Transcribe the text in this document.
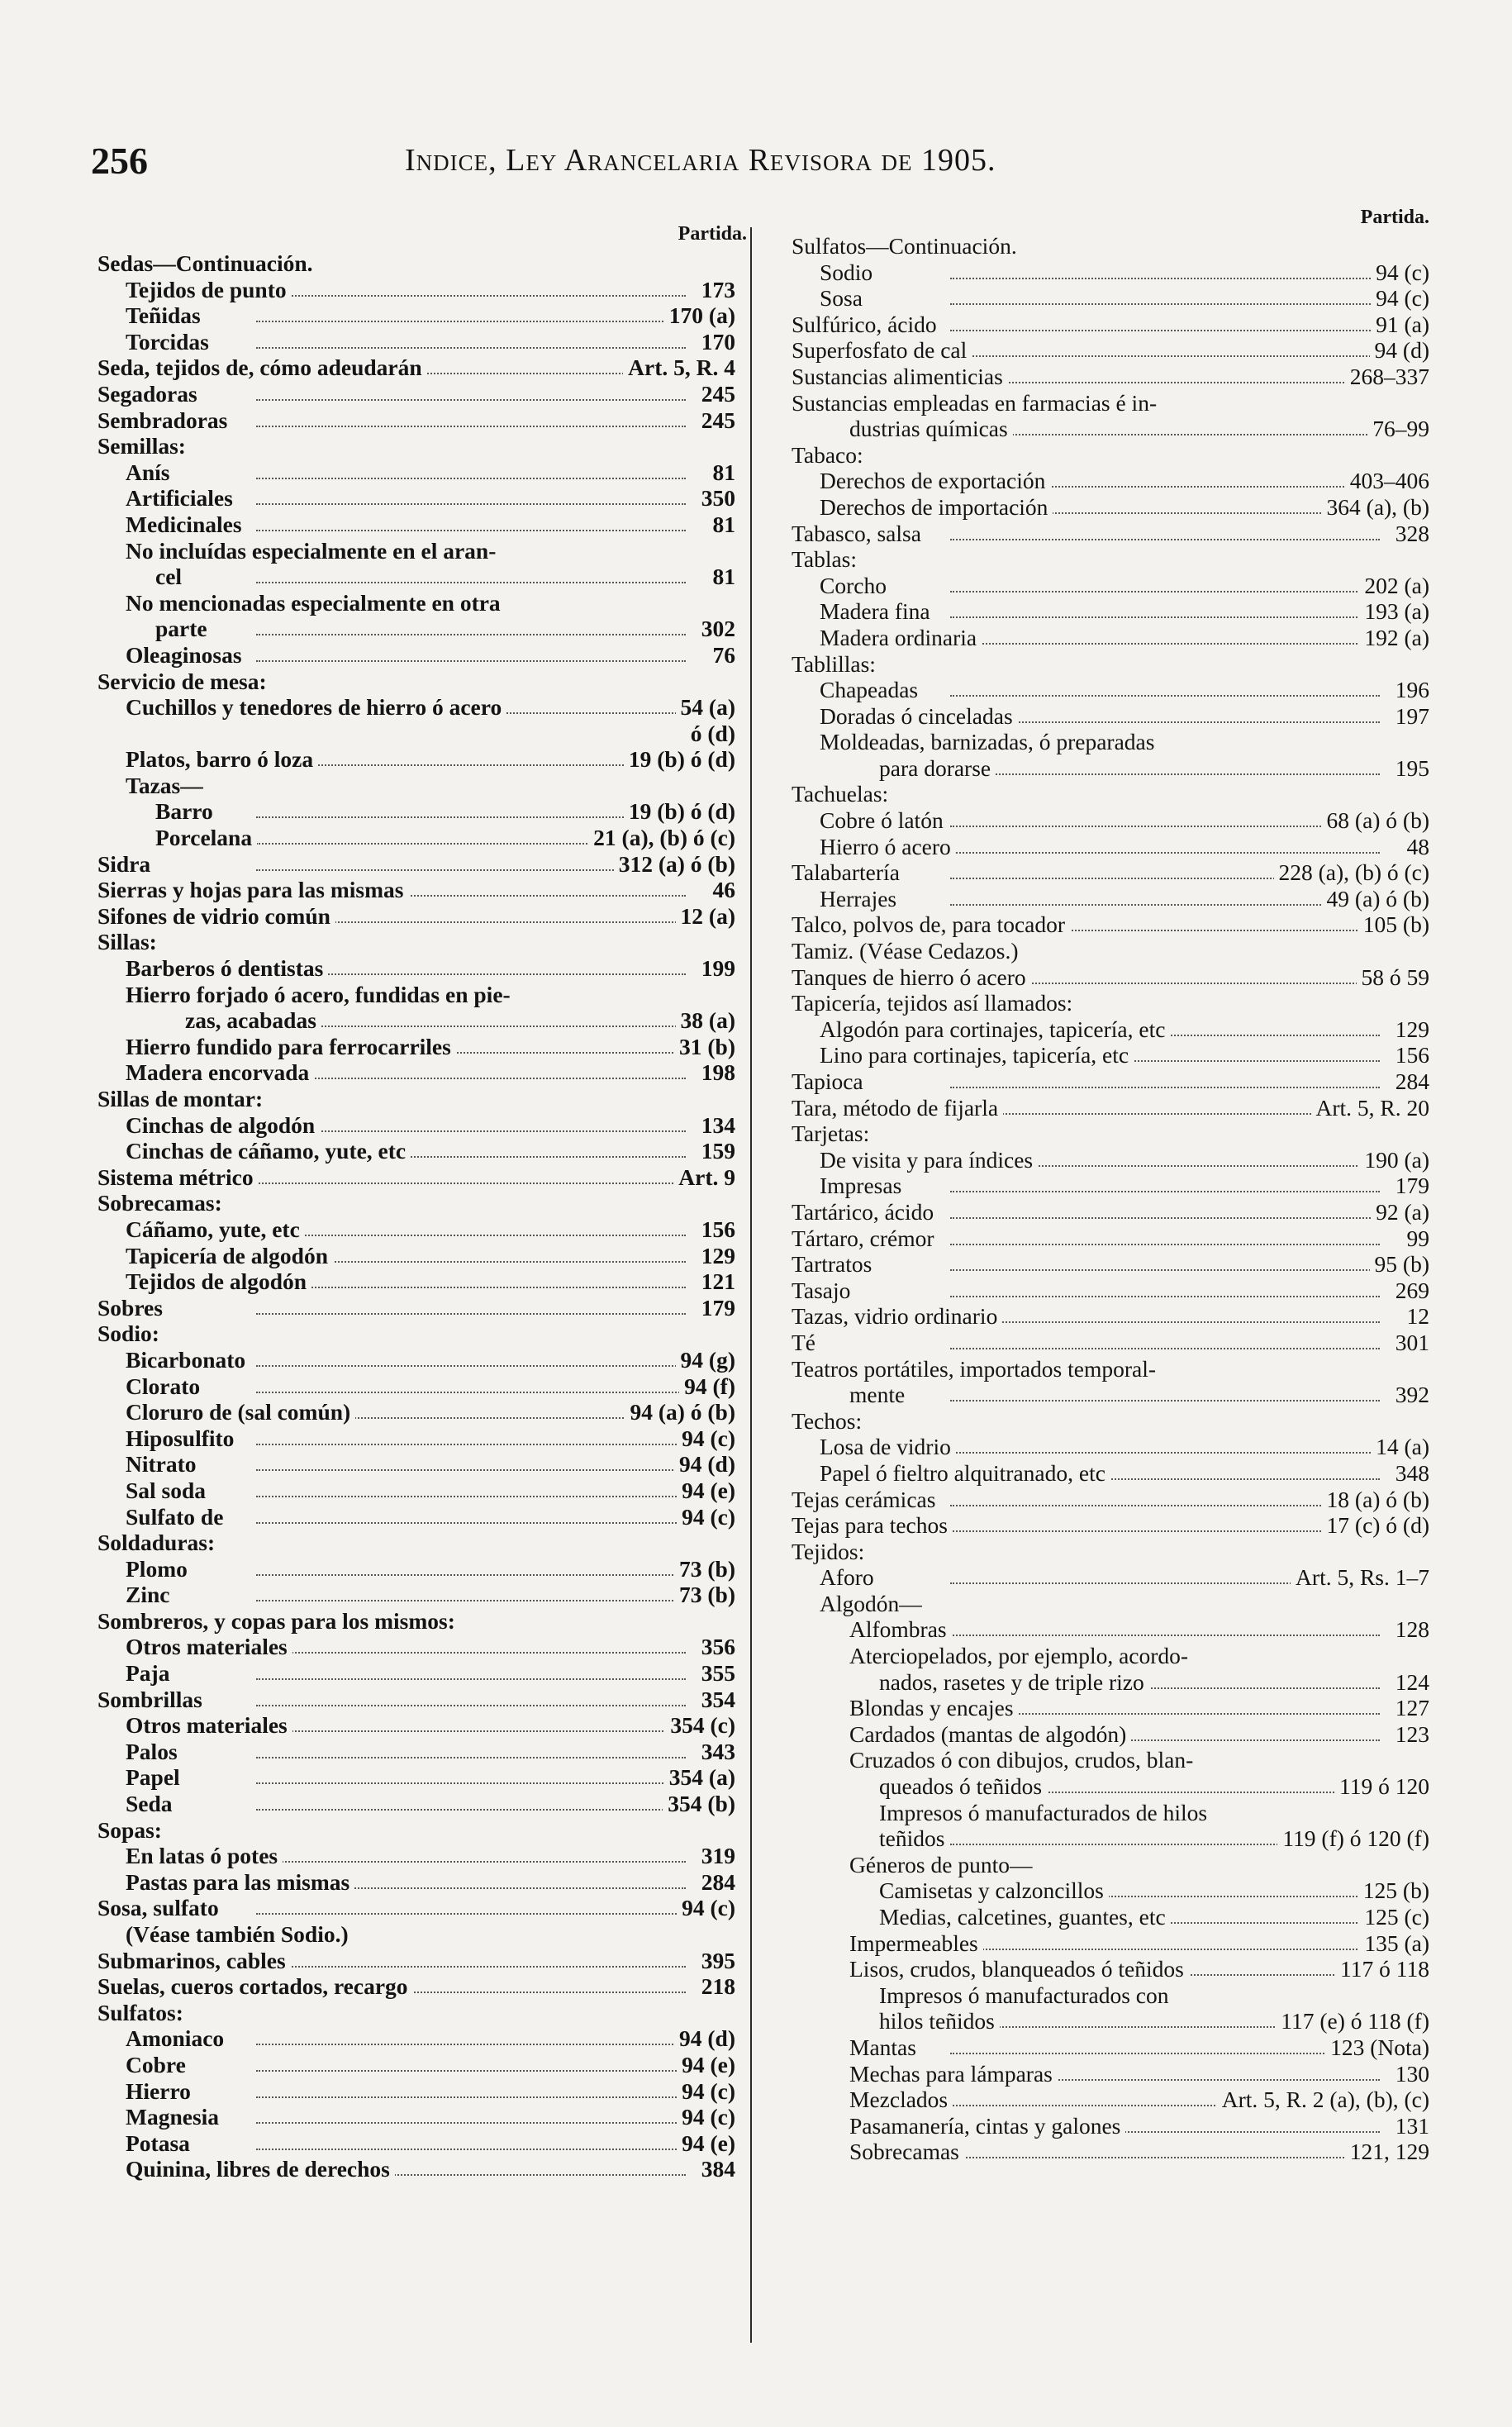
256	Indice, Ley Arancelaria Revisora de 1905.
Partida.
Sedas—Continuación.
Tejidos de punto	173
Teñidas	170 (a)
Torcidas	170
Seda, tejidos de, cómo adeudarán	Art. 5, R. 4
Segadoras	245
Sembradoras	245
Semillas:
Anís	81
Artificiales	350
Medicinales	81
No incluídas especialmente en el aran-
cel	81
No mencionadas especialmente en otra
parte	302
Oleaginosas	76
Servicio de mesa:
Cuchillos y tenedores de hierro ó acero	54 (a)
ó (d)
Platos, barro ó loza	19 (b) ó (d)
Tazas—
Barro	19 (b) ó (d)
Porcelana	21 (a), (b) ó (c)
Sidra	312 (a) ó (b)
Sierras y hojas para las mismas	46
Sifones de vidrio común	12 (a)
Sillas:
Barberos ó dentistas	199
Hierro forjado ó acero, fundidas en pie-
zas, acabadas	38 (a)
Hierro fundido para ferrocarriles	31 (b)
Madera encorvada	198
Sillas de montar:
Cinchas de algodón	134
Cinchas de cáñamo, yute, etc	159
Sistema métrico	Art. 9
Sobrecamas:
Cáñamo, yute, etc	156
Tapicería de algodón	129
Tejidos de algodón	121
Sobres	179
Sodio:
Bicarbonato	94 (g)
Clorato	94 (f)
Cloruro de (sal común)	94 (a) ó (b)
Hiposulfito	94 (c)
Nitrato	94 (d)
Sal soda	94 (e)
Sulfato de	94 (c)
Soldaduras:
Plomo	73 (b)
Zinc	73 (b)
Sombreros, y copas para los mismos:
Otros materiales	356
Paja	355
Sombrillas	354
Otros materiales	354 (c)
Palos	343
Papel	354 (a)
Seda	354 (b)
Sopas:
En latas ó potes	319
Pastas para las mismas	284
Sosa, sulfato	94 (c)
(Véase también Sodio.)
Submarinos, cables	395
Suelas, cueros cortados, recargo	218
Sulfatos:
Amoniaco	94 (d)
Cobre	94 (e)
Hierro	94 (c)
Magnesia	94 (c)
Potasa	94 (e)
Quinina, libres de derechos	384
Partida.
Sulfatos—Continuación.
Sodio	94 (c)
Sosa	94 (c)
Sulfúrico, ácido	91 (a)
Superfosfato de cal	94 (d)
Sustancias alimenticias	268–337
Sustancias empleadas en farmacias é in-
dustrias químicas	76–99
Tabaco:
Derechos de exportación	403–406
Derechos de importación	364 (a), (b)
Tabasco, salsa	328
Tablas:
Corcho	202 (a)
Madera fina	193 (a)
Madera ordinaria	192 (a)
Tablillas:
Chapeadas	196
Doradas ó cinceladas	197
Moldeadas, barnizadas, ó preparadas
para dorarse	195
Tachuelas:
Cobre ó latón	68 (a) ó (b)
Hierro ó acero	48
Talabartería	228 (a), (b) ó (c)
Herrajes	49 (a) ó (b)
Talco, polvos de, para tocador	105 (b)
Tamiz. (Véase Cedazos.)
Tanques de hierro ó acero	58 ó 59
Tapicería, tejidos así llamados:
Algodón para cortinajes, tapicería, etc	129
Lino para cortinajes, tapicería, etc	156
Tapioca	284
Tara, método de fijarla	Art. 5, R. 20
Tarjetas:
De visita y para índices	190 (a)
Impresas	179
Tartárico, ácido	92 (a)
Tártaro, crémor	99
Tartratos	95 (b)
Tasajo	269
Tazas, vidrio ordinario	12
Té	301
Teatros portátiles, importados temporal-
mente	392
Techos:
Losa de vidrio	14 (a)
Papel ó fieltro alquitranado, etc	348
Tejas cerámicas	18 (a) ó (b)
Tejas para techos	17 (c) ó (d)
Tejidos:
Aforo	Art. 5, Rs. 1–7
Algodón—
Alfombras	128
Aterciopelados, por ejemplo, acordo-
nados, rasetes y de triple rizo	124
Blondas y encajes	127
Cardados (mantas de algodón)	123
Cruzados ó con dibujos, crudos, blan-
queados ó teñidos	119 ó 120
Impresos ó manufacturados de hilos
teñidos	119 (f) ó 120 (f)
Géneros de punto—
Camisetas y calzoncillos	125 (b)
Medias, calcetines, guantes, etc	125 (c)
Impermeables	135 (a)
Lisos, crudos, blanqueados ó teñidos	117 ó 118
Impresos ó manufacturados con
hilos teñidos	117 (e) ó 118 (f)
Mantas	123 (Nota)
Mechas para lámparas	130
Mezclados	Art. 5, R. 2 (a), (b), (c)
Pasamanería, cintas y galones	131
Sobrecamas	121, 129
